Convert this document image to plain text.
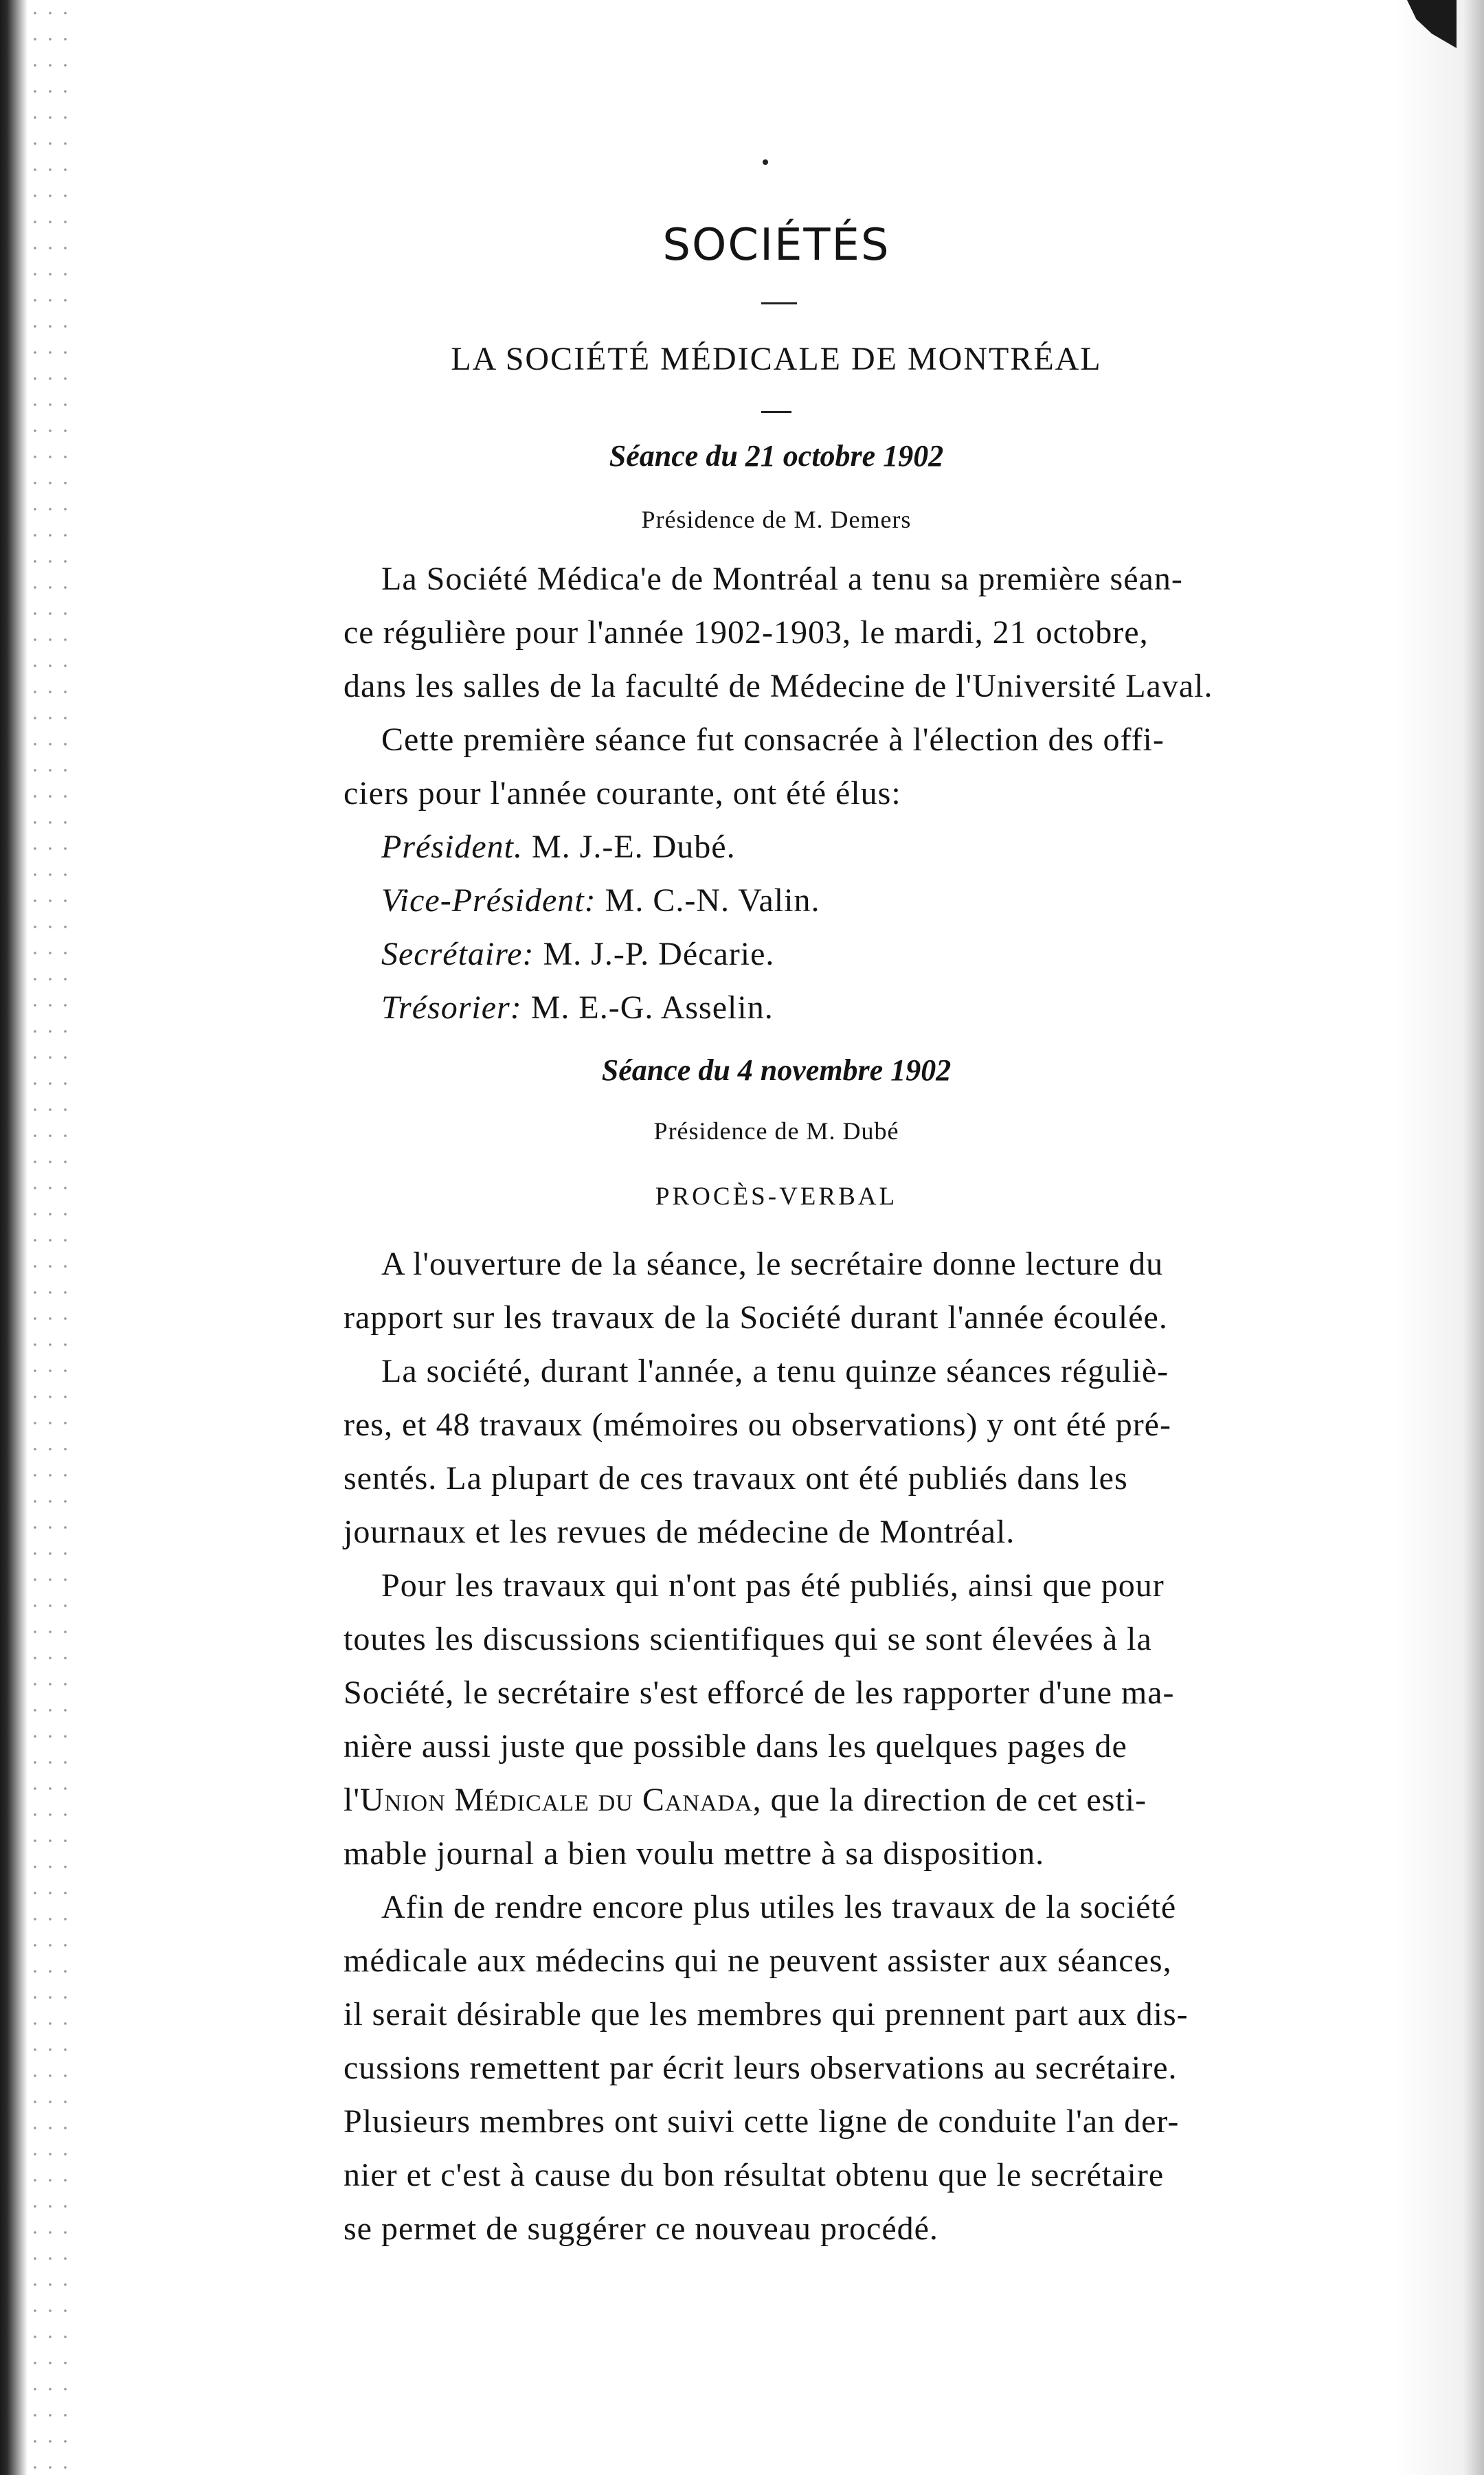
SOCIÉTÉS
LA SOCIÉTÉ MÉDICALE DE MONTRÉAL
Séance du 21 octobre 1902
Présidence de M. Demers
La Société Médica'e de Montréal a tenu sa première séan-
ce régulière pour l'année 1902-1903, le mardi, 21 octobre,
dans les salles de la faculté de Médecine de l'Université Laval.
Cette première séance fut consacrée à l'élection des offi-
ciers pour l'année courante, ont été élus:
Président. M. J.-E. Dubé.
Vice-Président: M. C.-N. Valin.
Secrétaire: M. J.-P. Décarie.
Trésorier: M. E.-G. Asselin.
Séance du 4 novembre 1902
Présidence de M. Dubé
PROCÈS-VERBAL
A l'ouverture de la séance, le secrétaire donne lecture du
rapport sur les travaux de la Société durant l'année écoulée.
La société, durant l'année, a tenu quinze séances réguliè-
res, et 48 travaux (mémoires ou observations) y ont été pré-
sentés. La plupart de ces travaux ont été publiés dans les
journaux et les revues de médecine de Montréal.
Pour les travaux qui n'ont pas été publiés, ainsi que pour
toutes les discussions scientifiques qui se sont élevées à la
Société, le secrétaire s'est efforcé de les rapporter d'une ma-
nière aussi juste que possible dans les quelques pages de
l'Union Médicale du Canada, que la direction de cet esti-
mable journal a bien voulu mettre à sa disposition.
Afin de rendre encore plus utiles les travaux de la société
médicale aux médecins qui ne peuvent assister aux séances,
il serait désirable que les membres qui prennent part aux dis-
cussions remettent par écrit leurs observations au secrétaire.
Plusieurs membres ont suivi cette ligne de conduite l'an der-
nier et c'est à cause du bon résultat obtenu que le secrétaire
se permet de suggérer ce nouveau procédé.
